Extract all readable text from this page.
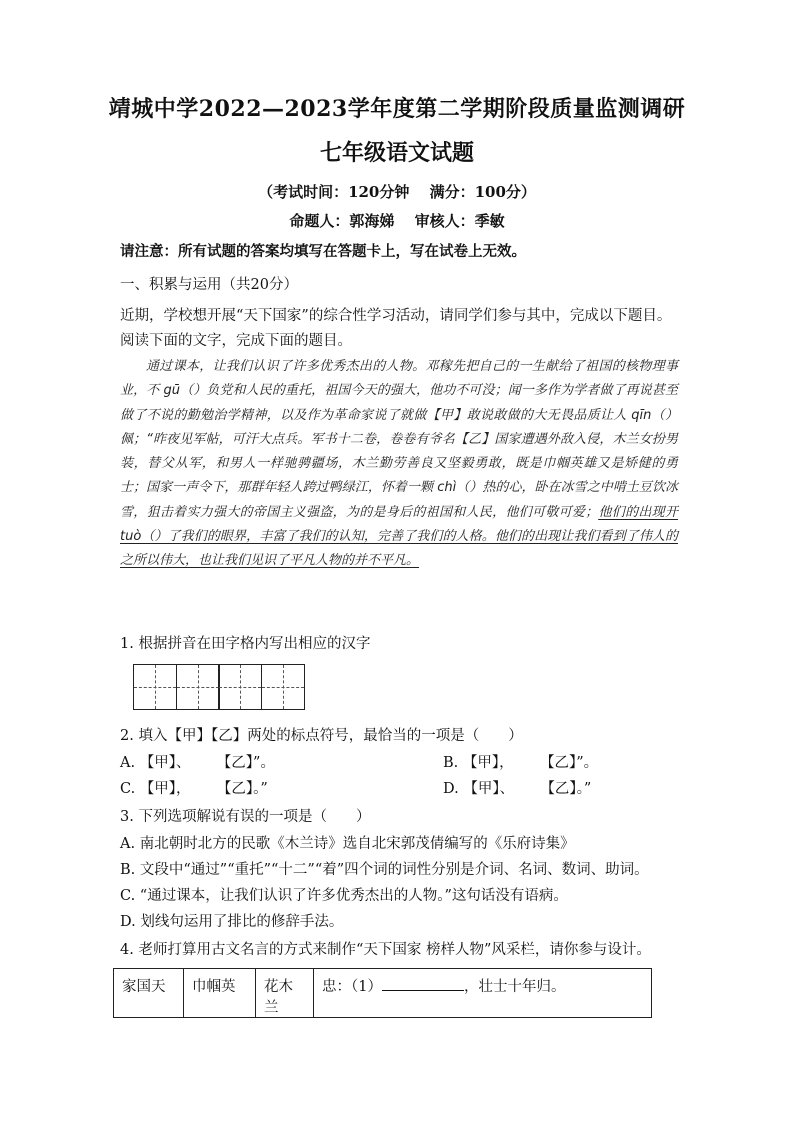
靖城中学2022—2023学年度第二学期阶段质量监测调研
七年级语文试题
（考试时间：120分钟　 满分：100分）
命题人：郭海娣　 审核人：季敏
请注意：所有试题的答案均填写在答题卡上，写在试卷上无效。
一、积累与运用（共20分）
近期，学校想开展“天下国家”的综合性学习活动，请同学们参与其中，完成以下题目。
阅读下面的文字，完成下面的题目。

通过课本，让我们认识了许多优秀杰出的人物。邓稼先把自己的一生献给了祖国的核物理事业，不 gū（）负党和人民的重托，祖国今天的强大，他功不可没；闻一多作为学者做了再说甚至做了不说的勤勉治学精神，以及作为革命家说了就做【甲】敢说敢做的大无畏品质让人 qīn（）佩；“昨夜见军帖，可汗大点兵。军书十二卷，卷卷有爷名【乙】国家遭遇外敌入侵，木兰女扮男装，替父从军，和男人一样驰骋疆场，木兰勤劳善良又坚毅勇敢，既是巾帼英雄又是矫健的勇士；国家一声令下，那群年轻人跨过鸭绿江，怀着一颗 chì（）热的心，卧在冰雪之中啃土豆饮冰雪，狙击着实力强大的帝国主义强盗，为的是身后的祖国和人民，他们可敬可爱；他们的出现开 tuò（）了我们的眼界，丰富了我们的认知，完善了我们的人格。他们的出现让我们看到了伟人的之所以伟大，也让我们见识了平凡人物的并不平凡。

1. 根据拼音在田字格内写出相应的汉字
2. 填入【甲】【乙】两处的标点符号，最恰当的一项是（　　）
A. 【甲】、　　 【乙】”。	B. 【甲】，　　 【乙】”。
C. 【甲】，　　 【乙】。”	D. 【甲】、　　 【乙】。”
3. 下列选项解说有误的一项是（　　）
A. 南北朝时北方的民歌《木兰诗》选自北宋郭茂倩编写的《乐府诗集》
B. 文段中“通过”“重托”“十二”“着”四个词的词性分别是介词、名词、数词、助词。
C. “通过课本，让我们认识了许多优秀杰出的人物。”这句话没有语病。
D. 划线句运用了排比的修辞手法。
4. 老师打算用古文名言的方式来制作“天下国家 榜样人物”风采栏，请你参与设计。
家国天	巾帼英	花木兰	忠：（1）	，壮士十年归。
